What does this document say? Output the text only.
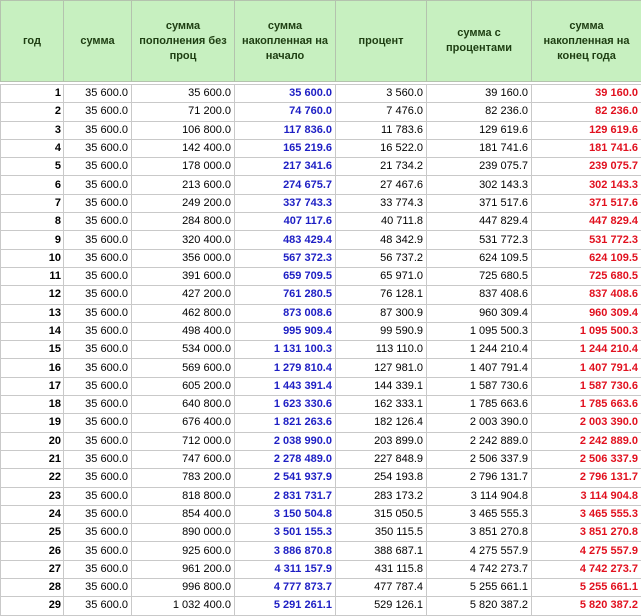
год	сумма	сумма пополнения без проц	сумма накопленная на начало	процент	сумма с процентами	сумма накопленная на конец года

1	35 600.0	35 600.0	35 600.0	3 560.0	39 160.0	39 160.0
2	35 600.0	71 200.0	74 760.0	7 476.0	82 236.0	82 236.0
3	35 600.0	106 800.0	117 836.0	11 783.6	129 619.6	129 619.6
4	35 600.0	142 400.0	165 219.6	16 522.0	181 741.6	181 741.6
5	35 600.0	178 000.0	217 341.6	21 734.2	239 075.7	239 075.7
6	35 600.0	213 600.0	274 675.7	27 467.6	302 143.3	302 143.3
7	35 600.0	249 200.0	337 743.3	33 774.3	371 517.6	371 517.6
8	35 600.0	284 800.0	407 117.6	40 711.8	447 829.4	447 829.4
9	35 600.0	320 400.0	483 429.4	48 342.9	531 772.3	531 772.3
10	35 600.0	356 000.0	567 372.3	56 737.2	624 109.5	624 109.5
11	35 600.0	391 600.0	659 709.5	65 971.0	725 680.5	725 680.5
12	35 600.0	427 200.0	761 280.5	76 128.1	837 408.6	837 408.6
13	35 600.0	462 800.0	873 008.6	87 300.9	960 309.4	960 309.4
14	35 600.0	498 400.0	995 909.4	99 590.9	1 095 500.3	1 095 500.3
15	35 600.0	534 000.0	1 131 100.3	113 110.0	1 244 210.4	1 244 210.4
16	35 600.0	569 600.0	1 279 810.4	127 981.0	1 407 791.4	1 407 791.4
17	35 600.0	605 200.0	1 443 391.4	144 339.1	1 587 730.6	1 587 730.6
18	35 600.0	640 800.0	1 623 330.6	162 333.1	1 785 663.6	1 785 663.6
19	35 600.0	676 400.0	1 821 263.6	182 126.4	2 003 390.0	2 003 390.0
20	35 600.0	712 000.0	2 038 990.0	203 899.0	2 242 889.0	2 242 889.0
21	35 600.0	747 600.0	2 278 489.0	227 848.9	2 506 337.9	2 506 337.9
22	35 600.0	783 200.0	2 541 937.9	254 193.8	2 796 131.7	2 796 131.7
23	35 600.0	818 800.0	2 831 731.7	283 173.2	3 114 904.8	3 114 904.8
24	35 600.0	854 400.0	3 150 504.8	315 050.5	3 465 555.3	3 465 555.3
25	35 600.0	890 000.0	3 501 155.3	350 115.5	3 851 270.8	3 851 270.8
26	35 600.0	925 600.0	3 886 870.8	388 687.1	4 275 557.9	4 275 557.9
27	35 600.0	961 200.0	4 311 157.9	431 115.8	4 742 273.7	4 742 273.7
28	35 600.0	996 800.0	4 777 873.7	477 787.4	5 255 661.1	5 255 661.1
29	35 600.0	1 032 400.0	5 291 261.1	529 126.1	5 820 387.2	5 820 387.2
